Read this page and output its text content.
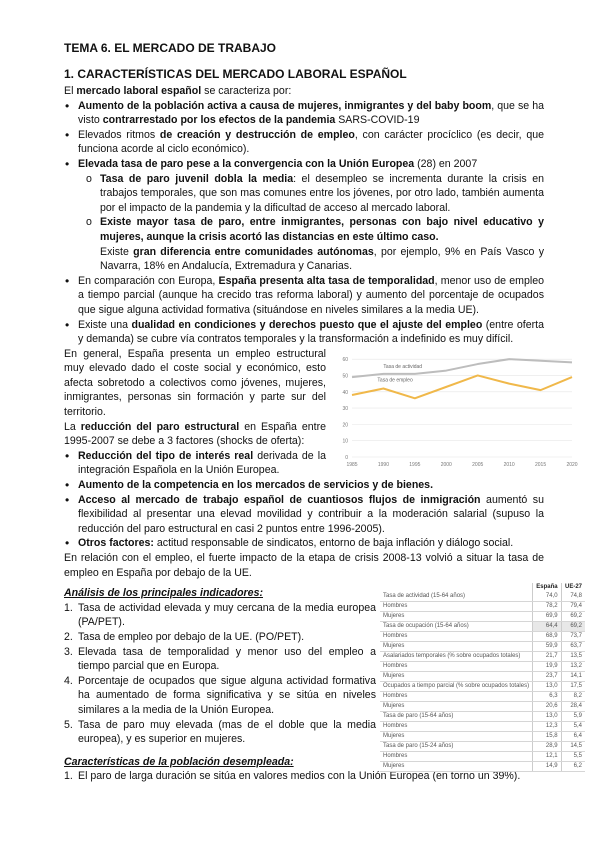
TEMA 6. EL MERCADO DE TRABAJO
1. CARACTERÍSTICAS DEL MERCADO LABORAL ESPAÑOL

El mercado laboral español se caracteriza por:

• Aumento de la población activa a causa de mujeres, inmigrantes y del baby boom, que se ha visto contrarrestado por los efectos de la pandemia SARS-COVID-19
• Elevados ritmos de creación y destrucción de empleo, con carácter procíclico (es decir, que funciona acorde al ciclo económico).
• Elevada tasa de paro pese a la convergencia con la Unión Europea (28) en 2007
o Tasa de paro juvenil dobla la media: el desempleo se incrementa durante la crisis en trabajos temporales, que son mas comunes entre los jóvenes, por otro lado, también aumenta por el impacto de la pandemia y la dificultad de acceso al mercado laboral.
o Existe mayor tasa de paro, entre inmigrantes, personas con bajo nivel educativo y mujeres, aunque la crisis acortó las distancias en este último caso.

Existe gran diferencia entre comunidades autónomas, por ejemplo, 9% en País Vasco y Navarra, 18% en Andalucía, Extremadura y Canarias.

• En comparación con Europa, España presenta alta tasa de temporalidad, menor uso de empleo a tiempo parcial (aunque ha crecido tras reforma laboral) y aumento del porcentaje de ocupados que sigue alguna actividad formativa (situándose en niveles similares a la media UE).
• Existe una dualidad en condiciones y derechos puesto que el ajuste del empleo (entre oferta y demanda) se cubre vía contratos temporales y la transformación a indefinido es muy difícil.

En general, España presenta un empleo estructural muy elevado dado el coste social y económico, esto afecta sobretodo a colectivos como jóvenes, mujeres, inmigrantes, personas sin formación y parte sur del territorio.

La reducción del paro estructural en España entre 1995-2007 se debe a 3 factores (shocks de oferta):

• Reducción del tipo de interés real derivada de la integración Española en la Unión Europea.
• Aumento de la competencia en los mercados de servicios y de bienes.
• Acceso al mercado de trabajo español de cuantiosos flujos de inmigración aumentó su flexibilidad al presentar una elevad movilidad y contribuir a la moderación salarial (supuso la reducción del paro estructural en casi 2 puntos entre 1996-2005).
• Otros factores: actitud responsable de sindicatos, entorno de baja inflación y diálogo social.

En relación con el empleo, el fuerte impacto de la etapa de crisis 2008-13 volvió a situar la tasa de empleo en España por debajo de la UE.

Análisis de los principales indicadores:
1. Tasa de actividad elevada y muy cercana de la media europea (PA/PET).
2. Tasa de empleo por debajo de la UE. (PO/PET).
3. Elevada tasa de temporalidad y menor uso del empleo a tiempo parcial que en Europa.
4. Porcentaje de ocupados que sigue alguna actividad formativa ha aumentado de forma significativa y se sitúa en niveles similares a la media de la Unión Europea.
5. Tasa de paro muy elevada (mas de el doble que la media europea), y es superior en mujeres.
Características de la población desempleada:
1. El paro de larga duración se sitúa en valores medios con la Unión Europea (en torno un 39%).
0
10
20
30
40
50
60
1985	1990	1995	2000	2005	2010	2015	2020
Tasa de actividad
Tasa de empleo
	España	UE-27
Tasa de actividad (15-64 años)	74,0	74,8
Hombres	78,2	79,4
Mujeres	69,9	69,2
Tasa de ocupación (15-64 años)	64,4	69,2
Hombres	68,9	73,7
Mujeres	59,9	63,7
Asalariados temporales (% sobre ocupados totales)	21,7	13,5
Hombres	19,9	13,2
Mujeres	23,7	14,1
Ocupados a tiempo parcial (% sobre ocupados totales)	13,0	17,5
Hombres	6,3	8,2
Mujeres	20,6	28,4
Tasa de paro (15-64 años)	13,0	5,9
Hombres	12,3	5,4
Mujeres	15,8	6,4
Tasa de paro (15-24 años)	28,9	14,5
Hombres	12,1	5,5
Mujeres	14,9	6,2
